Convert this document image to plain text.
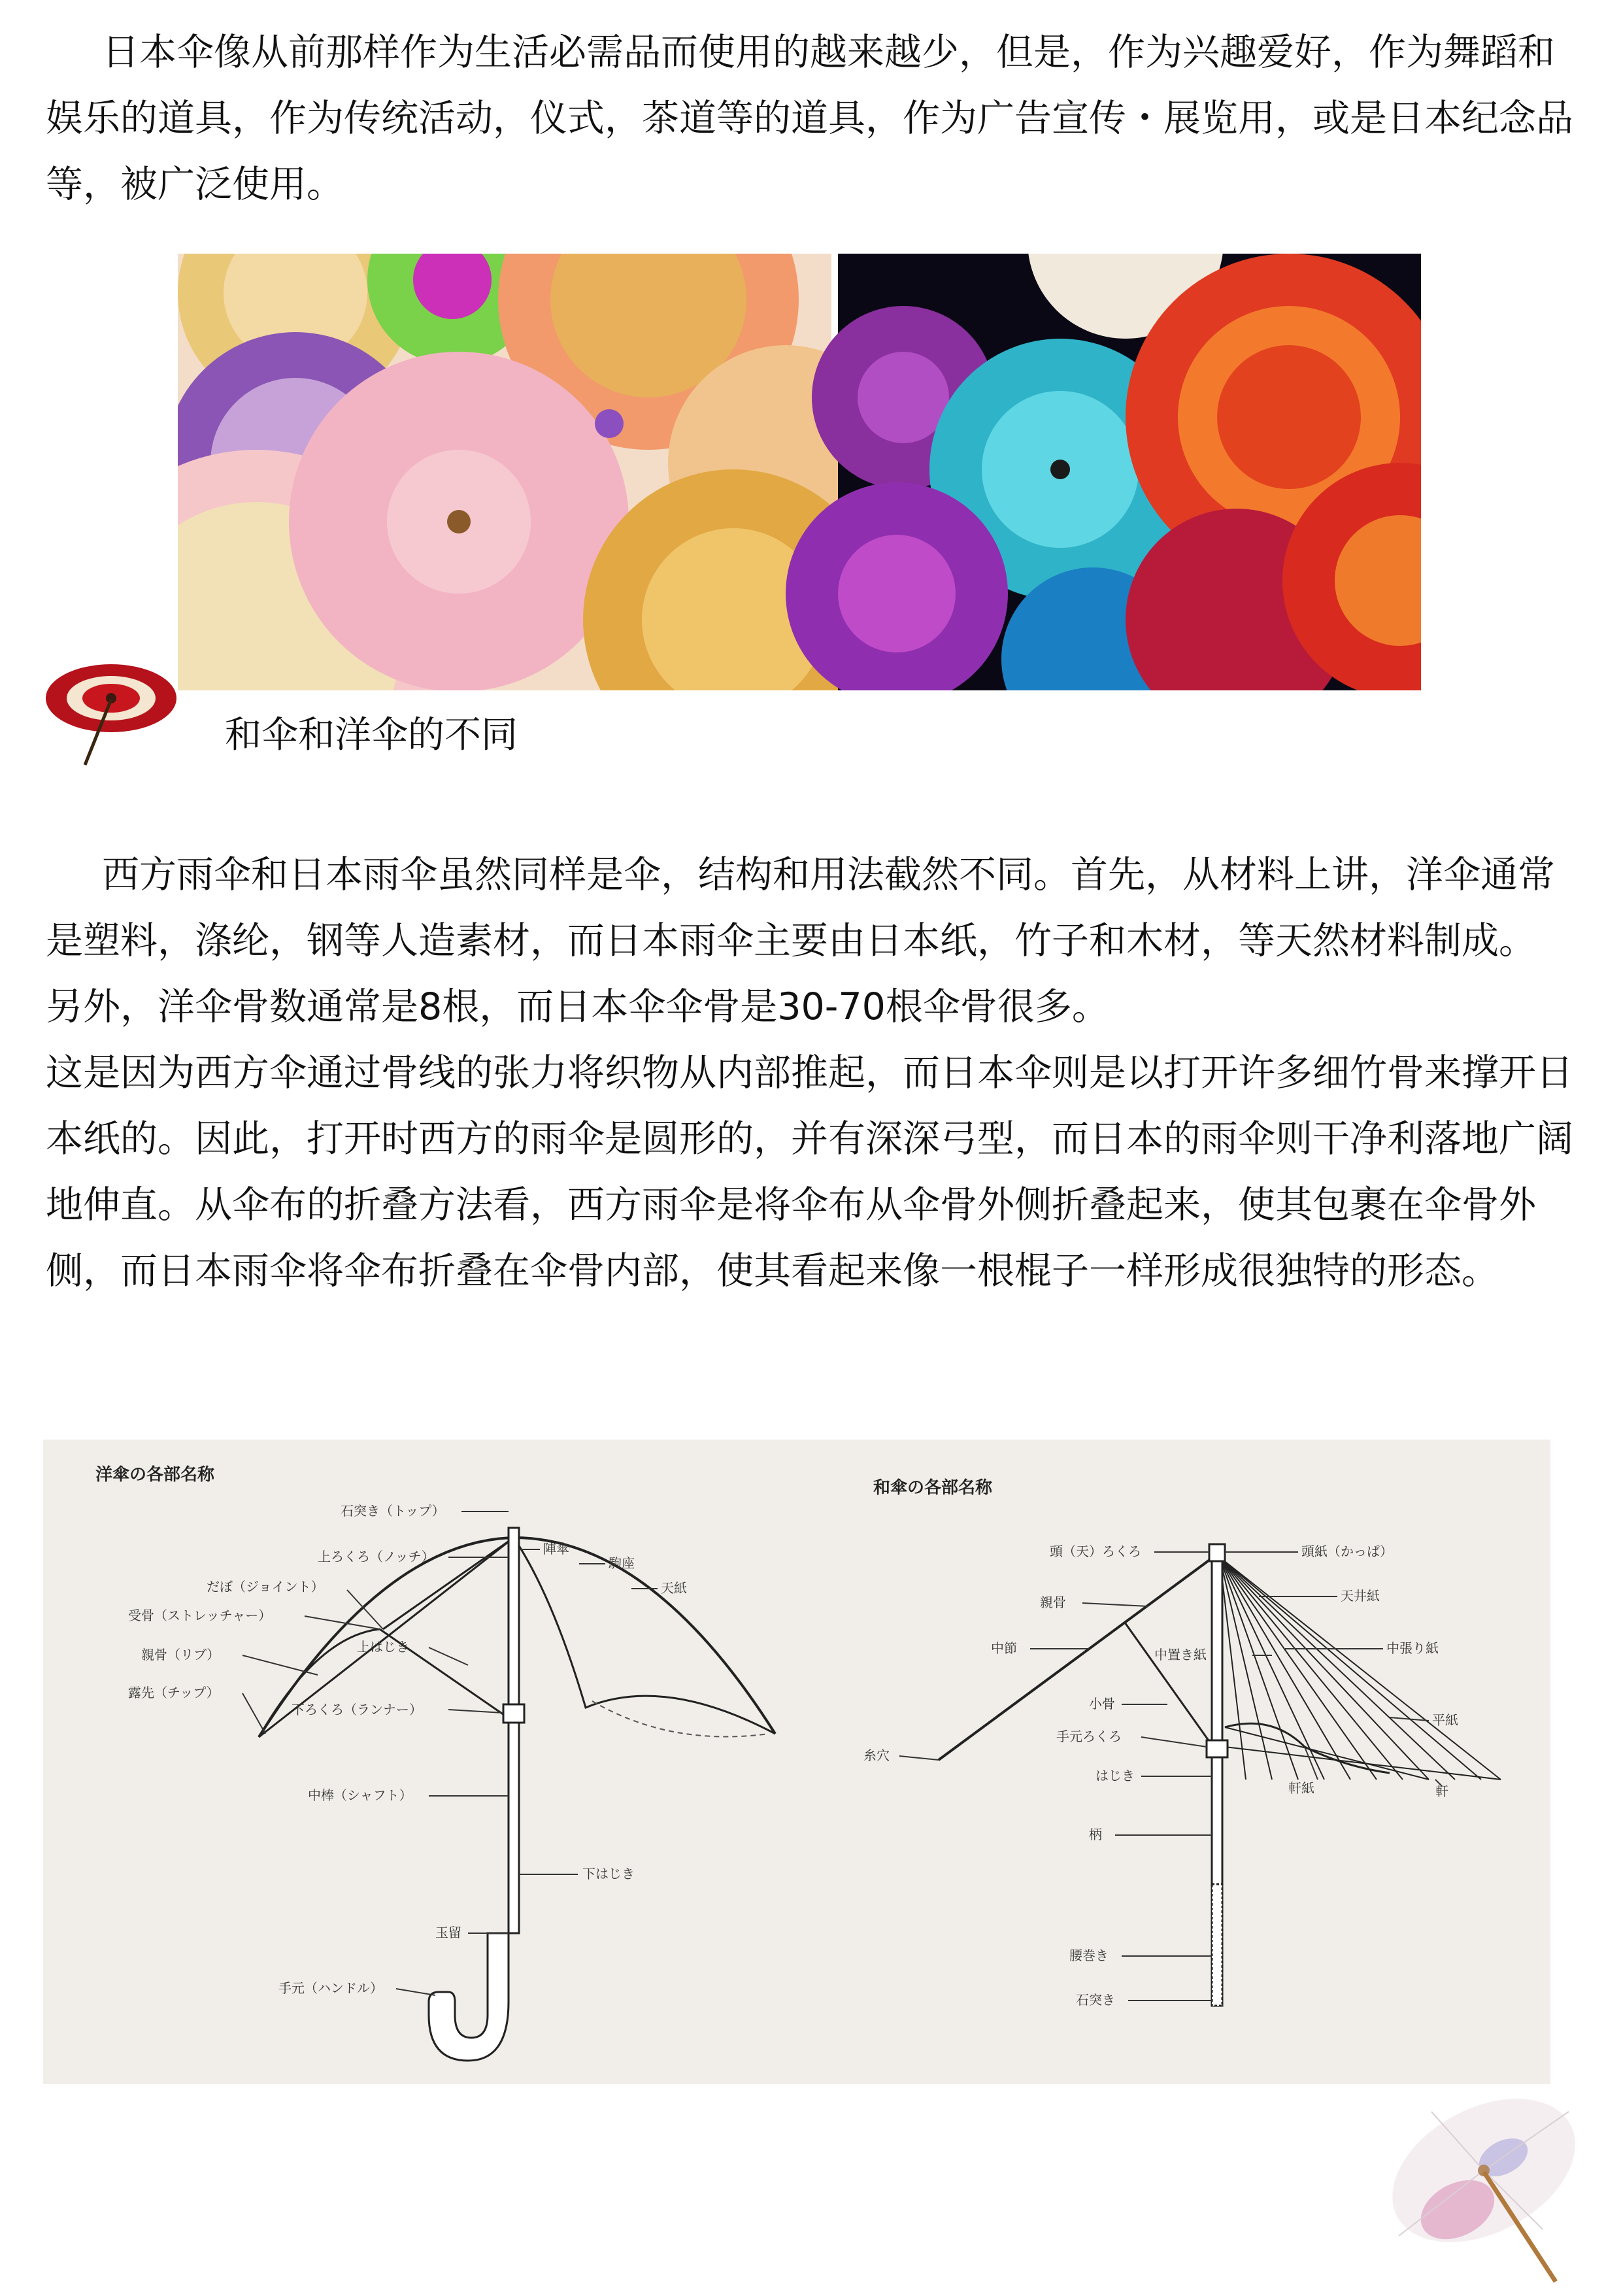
日本伞像从前那样作为生活必需品而使用的越来越少，但是，作为兴趣爱好，作为舞蹈和娱乐的道具，作为传统活动，仪式，茶道等的道具，作为广告宣传・展览用，或是日本纪念品等，被广泛使用。

和伞和洋伞的不同

西方雨伞和日本雨伞虽然同样是伞，结构和用法截然不同。首先，从材料上讲，洋伞通常是塑料，涤纶，钢等人造素材，而日本雨伞主要由日本纸，竹子和木材，等天然材料制成。　另外，洋伞骨数通常是8根，而日本伞伞骨是30-70根伞骨很多。

这是因为西方伞通过骨线的张力将织物从内部推起，而日本伞则是以打开许多细竹骨来撑开日本纸的。因此，打开时西方的雨伞是圆形的，并有深深弓型，而日本的雨伞则干净利落地广阔地伸直。从伞布的折叠方法看，西方雨伞是将伞布从伞骨外侧折叠起来，使其包裹在伞骨外侧，而日本雨伞将伞布折叠在伞骨内部，使其看起来像一根棍子一样形成很独特的形态。

洋傘の各部名称
石突き（トップ）
上ろくろ（ノッチ）
だぼ（ジョイント）
受骨（ストレッチャー）
親骨（リブ）
露先（チップ）
上はじき
下ろくろ（ランナー）
中棒（シャフト）
下はじき
玉留
手元（ハンドル）
陣傘
駒座
天紙
和傘の各部名称
頭（天）ろくろ
親骨
中節
小骨
手元ろくろ
はじき
柄
腰巻き
石突き
糸穴
頭紙（かっぱ）
天井紙
中張り紙
平紙
軒紙	軒
中置き紙
